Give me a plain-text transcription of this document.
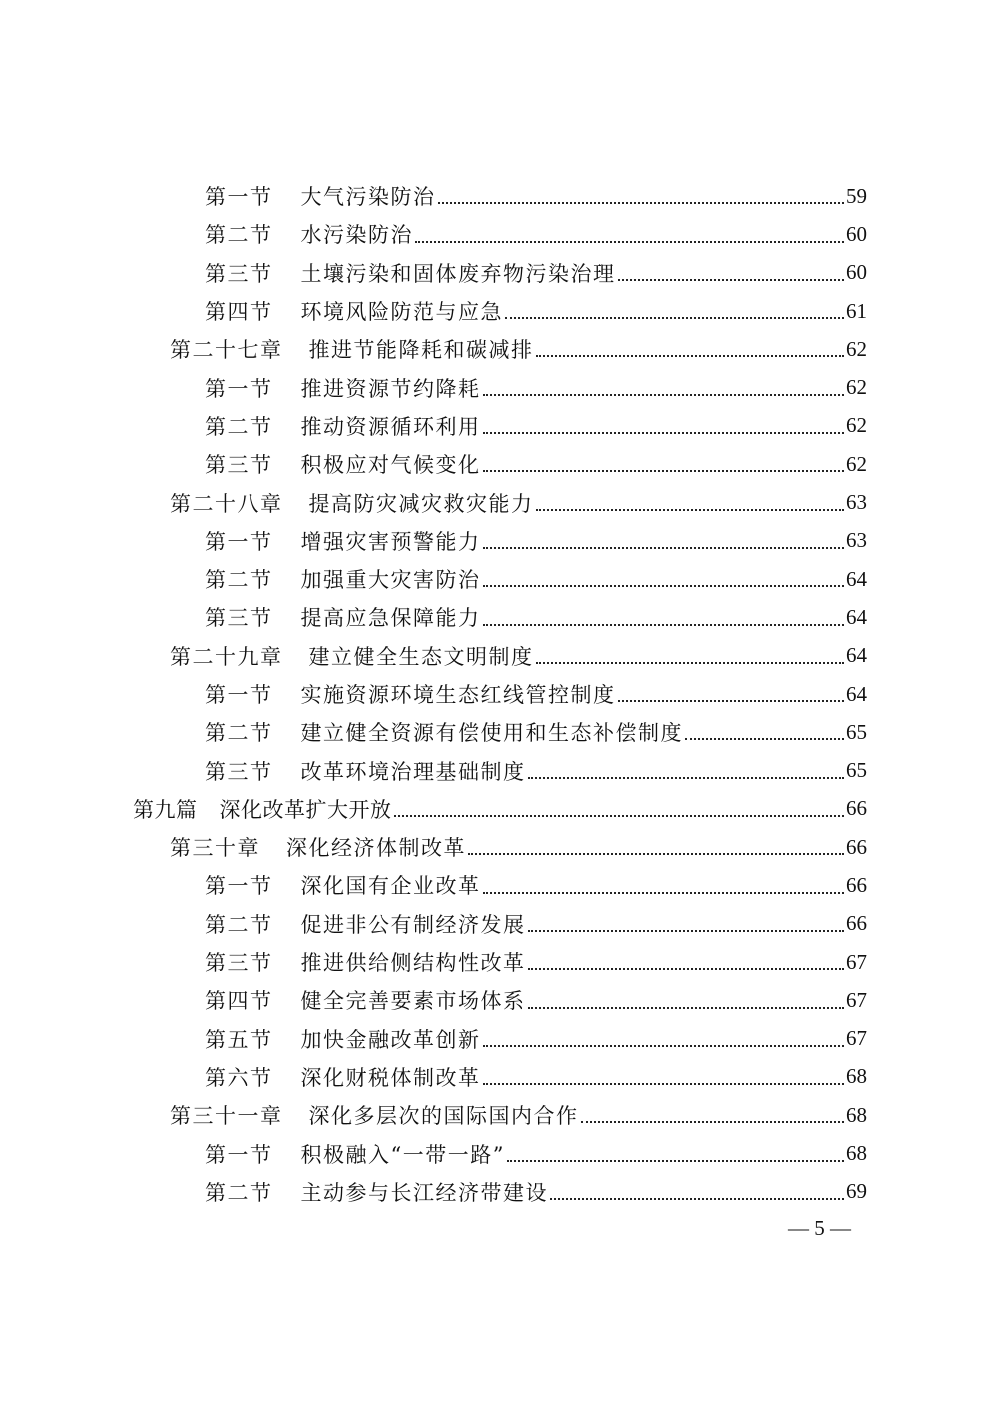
第一节 大气污染防治	59
第二节 水污染防治	60
第三节 土壤污染和固体废弃物污染治理	60
第四节 环境风险防范与应急	61
第二十七章 推进节能降耗和碳减排	62
第一节 推进资源节约降耗	62
第二节 推动资源循环利用	62
第三节 积极应对气候变化	62
第二十八章 提高防灾减灾救灾能力	63
第一节 增强灾害预警能力	63
第二节 加强重大灾害防治	64
第三节 提高应急保障能力	64
第二十九章 建立健全生态文明制度	64
第一节 实施资源环境生态红线管控制度	64
第二节 建立健全资源有偿使用和生态补偿制度	65
第三节 改革环境治理基础制度	65
第九篇 深化改革扩大开放	66
第三十章 深化经济体制改革	66
第一节 深化国有企业改革	66
第二节 促进非公有制经济发展	66
第三节 推进供给侧结构性改革	67
第四节 健全完善要素市场体系	67
第五节 加快金融改革创新	67
第六节 深化财税体制改革	68
第三十一章 深化多层次的国际国内合作	68
第一节 积极融入“一带一路”	68
第二节 主动参与长江经济带建设	69
— 5 —
